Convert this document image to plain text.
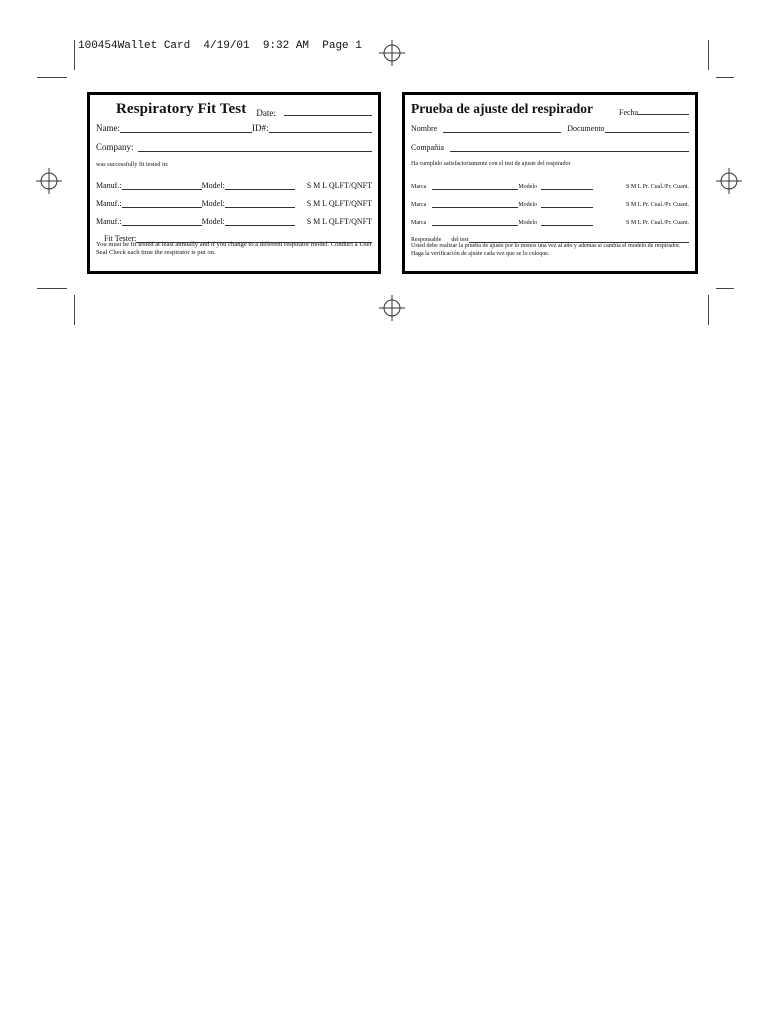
100454Wallet Card  4/19/01  9:32 AM  Page 1
Respiratory Fit Test Date:
Name:	ID#:
Company:
was successfully fit tested in:
Manuf.:	Model:	S M L QLFT/QNFT
Manuf.:	Model:	S M L QLFT/QNFT
Manuf.:	Model:	S M L QLFT/QNFT
Fit Tester:
You must be fit tested at least annually and if you change to a different respirator model. Conduct a User Seal Check each time the respirator is put on.
Prueba de ajuste del respirador	Fecha
Nombre	Documento
Compañia
Ha cumplido satisfactoriamente con el test de ajuste del respirador
Marca	Modelo	S M L Pr. Cual./Pr. Cuant.
Marca	Modelo	S M L Pr. Cual./Pr. Cuant.
Marca	Modelo	S M L Pr. Cual./Pr. Cuant.
Responsable del test
Usted debe realizar la prueba de ajuste por lo menos una vez al año y ademas si cambia el modelo de respirador. Haga la verificación de ajuste cada vez que se lo coloque.
